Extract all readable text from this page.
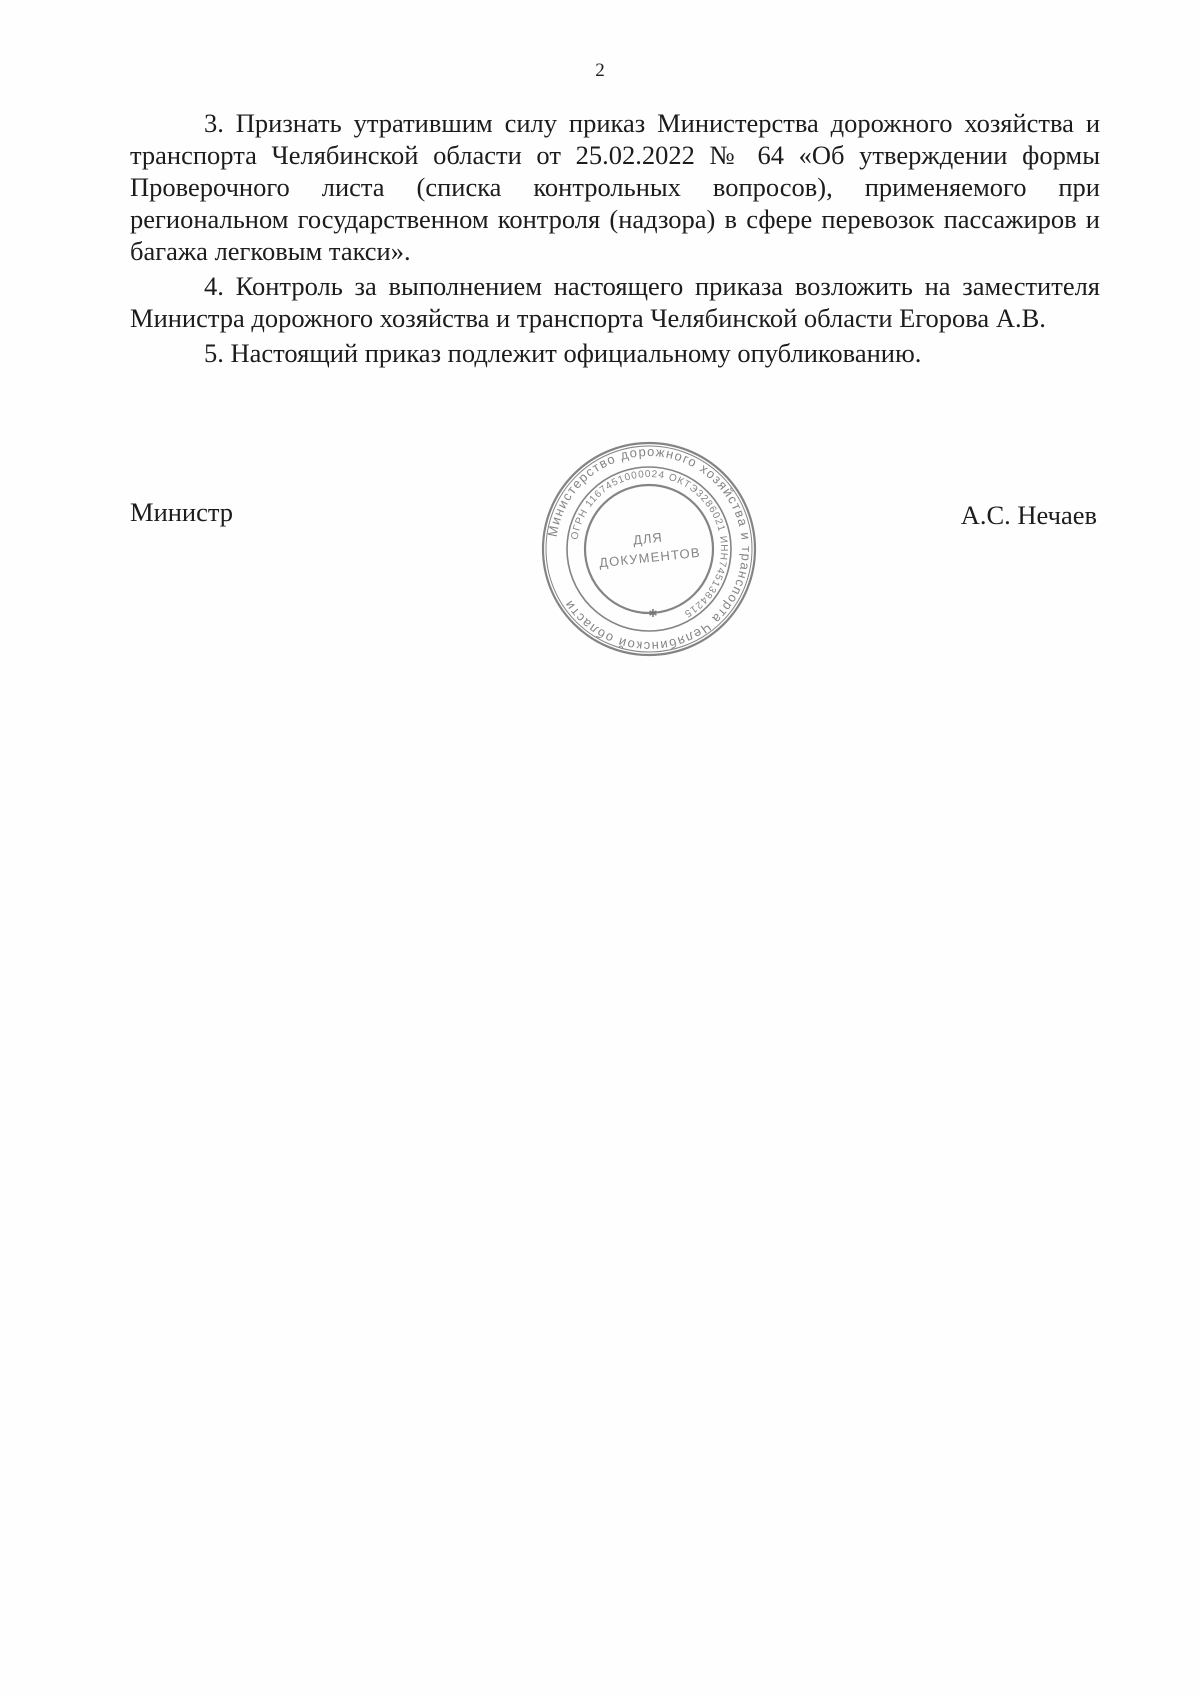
2

3. Признать утратившим силу приказ Министерства дорожного хозяйства и транспорта Челябинской области от 25.02.2022 № 64 «Об утверждении формы Проверочного листа (списка контрольных вопросов), применяемого при региональном государственном контроля (надзора) в сфере перевозок пассажиров и багажа легковым такси».

4. Контроль за выполнением настоящего приказа возложить на заместителя Министра дорожного хозяйства и транспорта Челябинской области Егорова А.В.

5. Настоящий приказ подлежит официальному опубликованию.

Министр
Министерство дорожного хозяйства и транспорта Челябинской области
ОГРН 1167451000024 ОКТЭ3286021 ИНН7451384215
ДЛЯ
ДОКУМЕНТОВ
✱
А.С. Нечаев
